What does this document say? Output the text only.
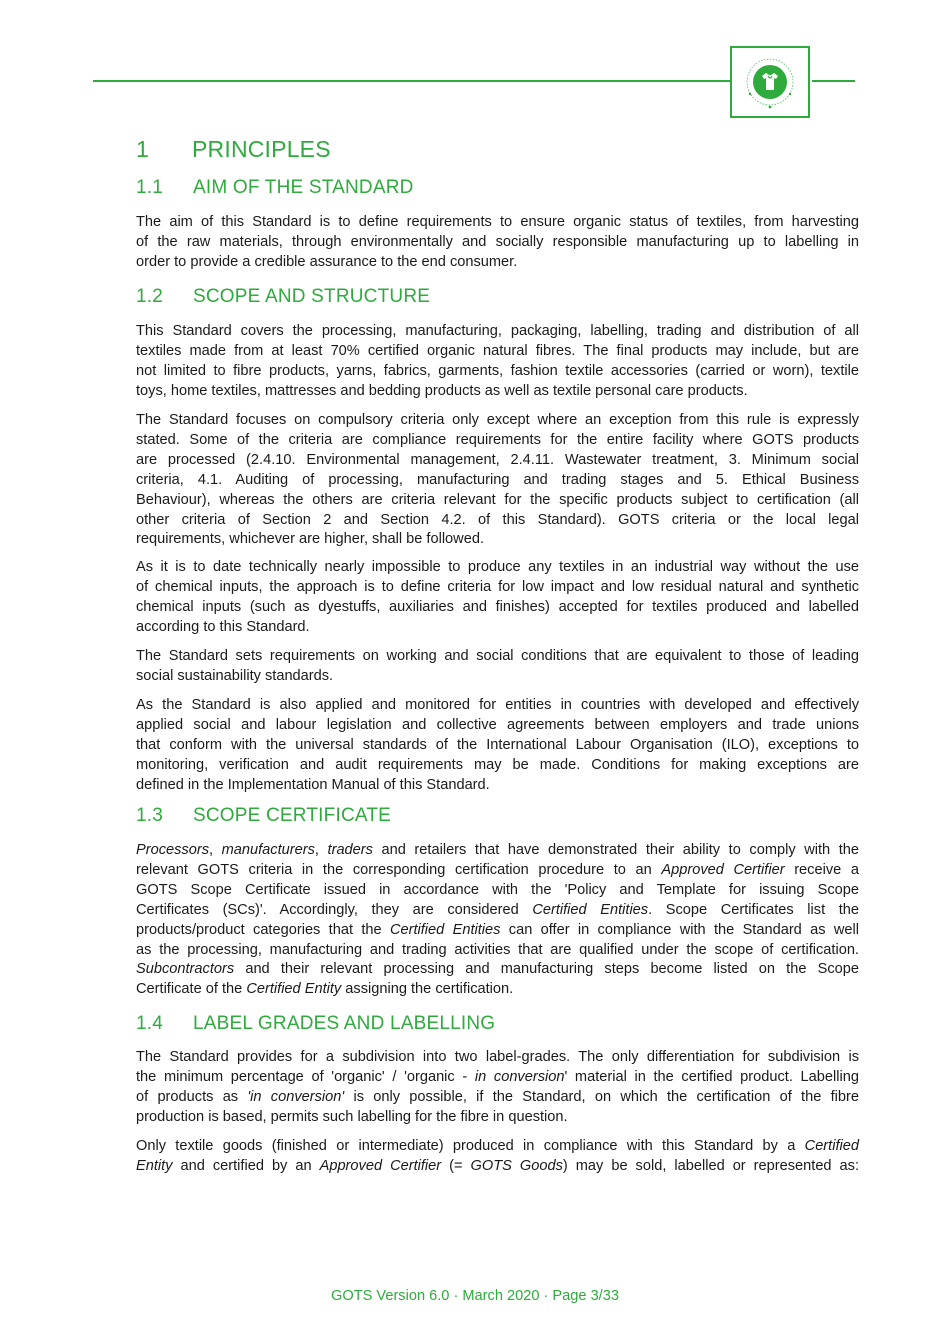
1 PRINCIPLES
1.1 AIM OF THE STANDARD
The aim of this Standard is to define requirements to ensure organic status of textiles, from harvesting
of the raw materials, through environmentally and socially responsible manufacturing up to labelling in
order to provide a credible assurance to the end consumer.
1.2 SCOPE AND STRUCTURE
This Standard covers the processing, manufacturing, packaging, labelling, trading and distribution of all
textiles made from at least 70% certified organic natural fibres. The final products may include, but are
not limited to fibre products, yarns, fabrics, garments, fashion textile accessories (carried or worn), textile
toys, home textiles, mattresses and bedding products as well as textile personal care products.
The Standard focuses on compulsory criteria only except where an exception from this rule is expressly
stated. Some of the criteria are compliance requirements for the entire facility where GOTS products
are processed (2.4.10. Environmental management, 2.4.11. Wastewater treatment, 3. Minimum social
criteria, 4.1. Auditing of processing, manufacturing and trading stages and 5. Ethical Business
Behaviour), whereas the others are criteria relevant for the specific products subject to certification (all
other criteria of Section 2 and Section 4.2. of this Standard). GOTS criteria or the local legal
requirements, whichever are higher, shall be followed.
As it is to date technically nearly impossible to produce any textiles in an industrial way without the use
of chemical inputs, the approach is to define criteria for low impact and low residual natural and synthetic
chemical inputs (such as dyestuffs, auxiliaries and finishes) accepted for textiles produced and labelled
according to this Standard.
The Standard sets requirements on working and social conditions that are equivalent to those of leading
social sustainability standards.
As the Standard is also applied and monitored for entities in countries with developed and effectively
applied social and labour legislation and collective agreements between employers and trade unions
that conform with the universal standards of the International Labour Organisation (ILO), exceptions to
monitoring, verification and audit requirements may be made. Conditions for making exceptions are
defined in the Implementation Manual of this Standard.
1.3 SCOPE CERTIFICATE
Processors, manufacturers, traders and retailers that have demonstrated their ability to comply with the
relevant GOTS criteria in the corresponding certification procedure to an Approved Certifier receive a
GOTS Scope Certificate issued in accordance with the 'Policy and Template for issuing Scope
Certificates (SCs)'. Accordingly, they are considered Certified Entities. Scope Certificates list the
products/product categories that the Certified Entities can offer in compliance with the Standard as well
as the processing, manufacturing and trading activities that are qualified under the scope of certification.
Subcontractors and their relevant processing and manufacturing steps become listed on the Scope
Certificate of the Certified Entity assigning the certification.
1.4 LABEL GRADES AND LABELLING
The Standard provides for a subdivision into two label-grades. The only differentiation for subdivision is
the minimum percentage of 'organic' / 'organic - in conversion' material in the certified product. Labelling
of products as 'in conversion' is only possible, if the Standard, on which the certification of the fibre
production is based, permits such labelling for the fibre in question.
Only textile goods (finished or intermediate) produced in compliance with this Standard by a Certified
Entity and certified by an Approved Certifier (= GOTS Goods) may be sold, labelled or represented as:
GOTS Version 6.0 · March 2020 · Page 3/33
